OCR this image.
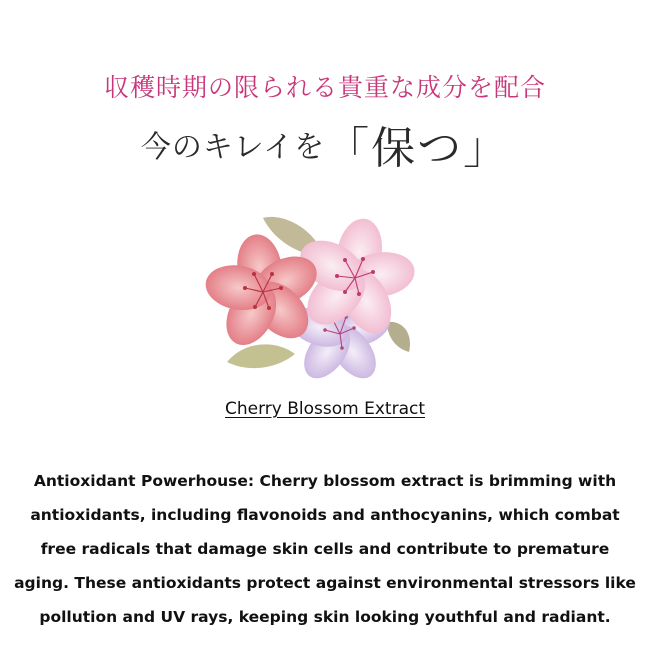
収穫時期の限られる貴重な成分を配合
今のキレイを「保つ」
Cherry Blossom Extract
Antioxidant Powerhouse: Cherry blossom extract is brimming with antioxidants, including flavonoids and anthocyanins, which combat free radicals that damage skin cells and contribute to premature aging. These antioxidants protect against environmental stressors like pollution and UV rays, keeping skin looking youthful and radiant.
